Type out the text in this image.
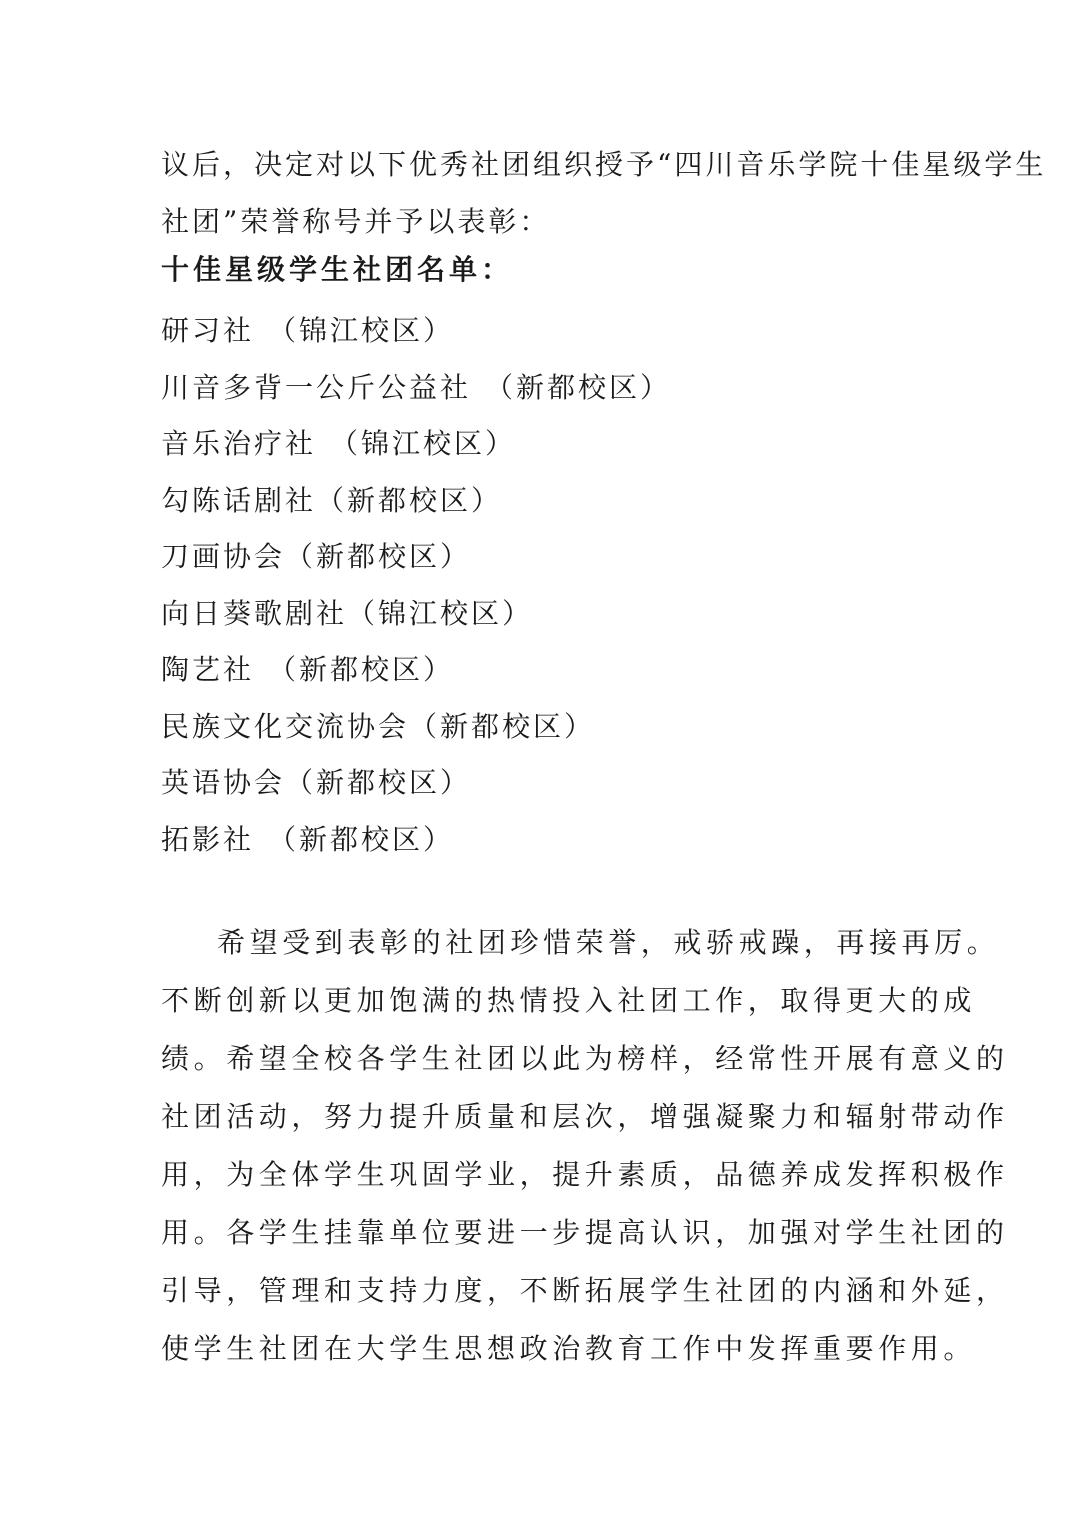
议后，决定对以下优秀社团组织授予“四川音乐学院十佳星级学生
社团”荣誉称号并予以表彰：
十佳星级学生社团名单：
研习社 （锦江校区）
川音多背一公斤公益社 （新都校区）
音乐治疗社 （锦江校区）
勾陈话剧社（新都校区）
刀画协会（新都校区）
向日葵歌剧社（锦江校区）
陶艺社 （新都校区）
民族文化交流协会（新都校区）
英语协会（新都校区）
拓影社 （新都校区）
希望受到表彰的社团珍惜荣誉，戒骄戒躁，再接再厉。
不断创新以更加饱满的热情投入社团工作，取得更大的成
绩。希望全校各学生社团以此为榜样，经常性开展有意义的
社团活动，努力提升质量和层次，增强凝聚力和辐射带动作
用，为全体学生巩固学业，提升素质，品德养成发挥积极作
用。各学生挂靠单位要进一步提高认识，加强对学生社团的
引导，管理和支持力度，不断拓展学生社团的内涵和外延，
使学生社团在大学生思想政治教育工作中发挥重要作用。
